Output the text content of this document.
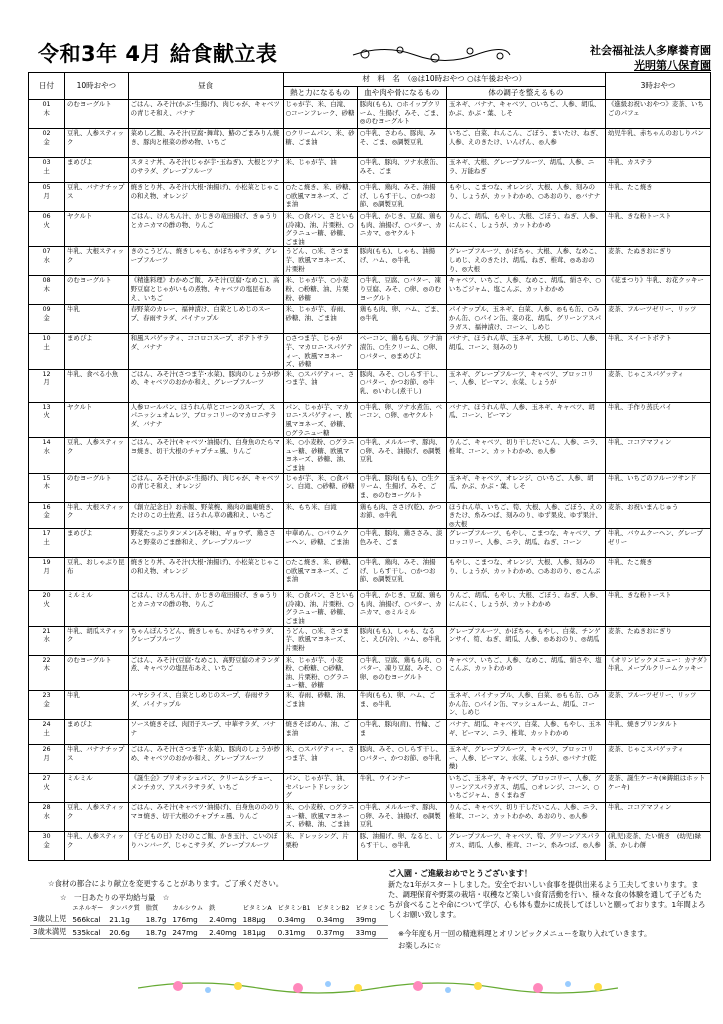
令和3年 4月 給食献立表	社会福祉法人多摩養育園
光明第八保育園
日付	10時おやつ	昼食	材　料　名　（◎は10時おやつ ○は午後おやつ）			3時おやつ
			熱と力になるもの	血や肉や骨になるもの	体の調子を整えるもの	

01
木	のむヨーグルト	ごはん、みそ汁(かぶ･生揚げ)、肉じゃが、キャベツの青じそ和え、バナナ	じゃが芋、米、白滝、○コーンフレーク、砂糖	豚肉(もも)、○ホイップクリーム、生揚げ、みそ、ごま、◎のむヨーグルト	玉ネギ、バナナ、キャベツ、○いちご、人参、胡瓜、かぶ、かぶ・葉、しそ	《進級お祝いおやつ》麦茶、いちごのパフェ

02
金	豆乳、人参スティック	菜めし乙飯、みそ汁(豆腐･舞茸)、鰆のごまみりん焼き、豚肉と根菜の炒め物、いちご	○クリームパン、米、砂糖、ごま油	○牛乳、さわら、豚肉、みそ、ごま、◎調製豆乳	いちご、白菜、れんこん、ごぼう、まいたけ、ねぎ、人参、えのきたけ、いんげん、◎人参	幼児牛乳、赤ちゃんのおしりパン

03
土	まめぴよ	スタミナ丼、みそ汁(じゃが芋･玉ねぎ)、大根とツナのサラダ、グレープフルーツ	米、じゃが芋、油	○牛乳、豚肉、ツナ水煮缶、みそ、ごま	玉ネギ、大根、グレープフルーツ、胡瓜、人参、ニラ、万能ねぎ	牛乳、カステラ

05
月	豆乳、バナナチップス	焼きとり丼、みそ汁(大根･油揚げ)、小松菜とじゃこの和え物、オレンジ	○たこ焼き、米、砂糖、○欧風マヨネーズ、ごま油	○牛乳、鶏肉、みそ、油揚げ、しらす干し、○かつお節、◎調製豆乳	もやし、こまつな、オレンジ、大根、人参、刻みのり、しょうが、カットわかめ、○あおのり、◎バナナ	牛乳、たこ焼き

06
火	ヤクルト	ごはん、けんちん汁、かじきの竜田揚げ、きゅうりとカニカマの酢の物、りんご	米、○食パン、さといも(冷凍)、油、片栗粉、○グラニュー糖、砂糖、ごま油	○牛乳、かじき、豆腐、鶏もも肉、油揚げ、○バター、カニカマ、◎ヤクルト	りんご、胡瓜、もやし、大根、ごぼう、ねぎ、人参、にんにく、しょうが、カットわかめ	牛乳、きな粉トースト

07
水	牛乳、大根スティック	きのこうどん、焼きしゃも、かぼちゃサラダ、グレープフルーツ	うどん、○米、さつま芋、欧風マヨネーズ、片栗粉	豚肉(もも)、しゃも、油揚げ、ハム、◎牛乳	グレープフルーツ、かぼちゃ、大根、人参、なめこ、しめじ、えのきたけ、胡瓜、ねぎ、椎茸、◎あおのり、◎大根	麦茶、たぬきおにぎり

08
木	のむヨーグルト	《精進料理》わかめご飯、みそ汁(豆腐･なめこ)、高野豆腐とじゃがいもの煮物、キャベツの塩昆布あえ、いちご	米、じゃが芋、○小麦粉、○粉糖、油、片栗粉、砂糖	○牛乳、豆腐、○バター、凍り豆腐、みそ、○卵、◎のむヨーグルト	キャベツ、いちご、人参、なめこ、胡瓜、絹さや、○いちごジャム、塩こんぶ、カットわかめ	《花まつり》牛乳、お花クッキー

09
金	牛乳	春野菜のカレー、福神漬け、白菜としめじのスープ、春雨サラダ、パイナップル	米、じゃが芋、春雨、砂糖、油、ごま油	鶏もも肉、卵、ハム、ごま、◎牛乳	パイナップル、玉ネギ、白菜、人参、◎もも缶、○みかん缶、○パイン缶、菜の花、胡瓜、グリーンアスパラガス、福神漬け、コーン、しめじ	麦茶、フルーツゼリー、リッツ

10
土	まめぴよ	和風スパゲッティ、ココロコスープ、ポテトサラダ、バナナ	○さつま芋、じゃが芋、マカロニ･スパゲティー、欧風マヨネーズ、砂糖	ベーコン、鶏もも肉、ツナ油漬缶、○生クリーム、○卵、○バター、◎まめぴよ	バナナ、ほうれん草、玉ネギ、大根、しめじ、人参、胡瓜、コーン、刻みのり	牛乳、スイートポテト

12
月	牛乳、食べる小魚	ごはん、みそ汁(さつま芋･水菜)、豚肉のしょうが炒め、キャベツのおかか和え、グレープフルーツ	米、○スパゲティー、さつま芋、油	豚肉、みそ、○しらす干し、○バター、かつお節、◎牛乳、◎いわし(煮干し)	玉ネギ、グレープフルーツ、キャベツ、ブロッコリー、人参、ピーマン、水菜、しょうが	麦茶、じゃこスパゲッティ

13
火	ヤクルト	人参ロールパン、ほうれん草とコーンのスープ、スパニッシュオムレツ、ブロッコリーのマカロニサラダ、バナナ	パン、じゃが芋、マカロニ･スパゲティー、欧風マヨネーズ、砂糖、○グラニュー糖	○牛乳、卵、ツナ水煮缶、ベーコン、○卵、◎ヤクルト	バナナ、ほうれん草、人参、玉ネギ、キャベツ、胡瓜、コーン、ピーマン	牛乳、手作り蒸氏パイ

14
水	豆乳、人参スティック	ごはん、みそ汁(キャベツ･油揚げ)、白身魚のたらマヨ焼き、切干大根のチャプチェ風、りんご	米、○小麦粉、○グラニュー糖、砂糖、欧風マヨネーズ、砂糖、油、ごま油	○牛乳、メルルーサ、豚肉、○卵、みそ、油揚げ、◎調製豆乳	りんご、キャベツ、切り干しだいこん、人参、ニラ、椎茸、コーン、カットわかめ、◎人参	牛乳、ココアマフィン

15
木	のむヨーグルト	ごはん、みそ汁(かぶ･生揚げ)、肉じゃが、キャベツの青じそ和え、オレンジ	じゃが芋、米、○食パン、白滝、○砂糖、砂糖	○牛乳、豚肉(もも)、○生クリーム、生揚げ、みそ、ごま、◎のむヨーグルト	玉ネギ、キャベツ、オレンジ、○いちご、人参、胡瓜、かぶ、かぶ・葉、しそ	牛乳、いちごのフルーツサンド

16
金	牛乳、大根スティック	《創立記念日》お赤飯、野菜椀、鶏肉の幽庵焼き、たけのこの土佐煮、ほうれん草の磯和え、いちご	米、もち米、白滝	鶏もも肉、ささげ(乾)、かつお節、◎牛乳	ほうれん草、いちご、筍、大根、人参、ごぼう、えのきたけ、糸みつば、刻みのり、ゆず果皮、ゆず果汁、◎大根	麦茶、お祝いまんじゅう

17
土	まめぴよ	野菜たっぷりタンメン(みそ味)、ギョウザ、鶏ささみと野菜のごま酢和え、グレープフルーツ	中華めん、○バウムクーヘン、砂糖、ごま油	○牛乳、豚肉、鶏ささみ、淡色みそ、ごま	グレープフルーツ、もやし、こまつな、キャベツ、ブロッコリー、人参、ニラ、胡瓜、ねぎ、コーン	牛乳、バウムクーヘン、グレープゼリー

19
月	豆乳、おしゃぶり昆布	焼きとり丼、みそ汁(大根･油揚げ)、小松菜とじゃこの和え物、オレンジ	○たこ焼き、米、砂糖、○欧風マヨネーズ、ごま油	○牛乳、鶏肉、みそ、油揚げ、しらす干し、○かつお節、◎調製豆乳	もやし、こまつな、オレンジ、大根、人参、刻みのり、しょうが、カットわかめ、○あおのり、◎こんぶ	牛乳、たこ焼き

20
火	ミルミル	ごはん、けんちん汁、かじきの竜田揚げ、きゅうりとカニカマの酢の物、りんご	米、○食パン、さといも(冷凍)、油、片栗粉、○グラニュー糖、砂糖、ごま油	○牛乳、かじき、豆腐、鶏もも肉、油揚げ、○バター、カニカマ、◎ミルミル	りんご、胡瓜、もやし、大根、ごぼう、ねぎ、人参、にんにく、しょうが、カットわかめ	牛乳、きな粉トースト

21
水	牛乳、胡瓜スティック	ちゃんぽんうどん、焼きしゃも、かぼちゃサラダ、グレープフルーツ	うどん、○米、さつま芋、欧風マヨネーズ、片栗粉	豚肉(もも)、しゃも、なると、えび(冷)、ハム、◎牛乳	グレープフルーツ、かぼちゃ、もやし、白菜、チンゲンサイ、筍、ねぎ、胡瓜、人参、◎あおのり、◎胡瓜	麦茶、たぬきおにぎり

22
木	のむヨーグルト	ごはん、みそ汁(豆腐･なめこ)、高野豆腐のオランダ煮、キャベツの塩昆布あえ、いちご	米、じゃが芋、小麦粉、○粉糖、○砂糖、油、片栗粉、○グラニュー糖、砂糖	○牛乳、豆腐、鶏もも肉、○バター、凍り豆腐、みそ、○卵、◎のむヨーグルト	キャベツ、いちご、人参、なめこ、胡瓜、絹さや、塩こんぶ、カットわかめ	《オリンピックメニュー：カナダ》牛乳、メープルクリームクッキー

23
金	牛乳	ハヤシライス、白菜としめじのスープ、春雨サラダ、パイナップル	米、春雨、砂糖、油、ごま油	牛肉(もも)、卵、ハム、ごま、◎牛乳	玉ネギ、パイナップル、人参、白菜、◎もも缶、○みかん缶、○パイン缶、マッシュルーム、胡瓜、コーン、しめじ	麦茶、フルーツゼリー、リッツ

24
土	まめぴよ	ソース焼きそば、肉団子スープ、中華サラダ、バナナ	焼きそばめん、油、ごま油	○牛乳、豚肉(肩)、竹輪、ごま	バナナ、胡瓜、キャベツ、白菜、人参、もやし、玉ネギ、ピーマン、ニラ、椎茸、カットわかめ	牛乳、焼きプリンタルト

26
月	牛乳、バナナチップス	ごはん、みそ汁(さつま芋･水菜)、豚肉のしょうが炒め、キャベツのおかか和え、グレープフルーツ	米、○スパゲティー、さつま芋、油	豚肉、みそ、○しらす干し、○バター、かつお節、◎牛乳	玉ネギ、グレープフルーツ、キャベツ、ブロッコリー、人参、ピーマン、水菜、しょうが、◎バナナ(乾燥)	麦茶、じゃこスパゲッティ

27
火	ミルミル	《誕生会》ブリオッシュパン、クリームシチュー、メンチカツ、アスパラサラダ、いちご	パン、じゃが芋、油、セパレートドレッシング	牛乳、ウインナー	いちご、玉ネギ、キャベツ、ブロッコリー、人参、グリーンアスパラガス、胡瓜、○オレンジ、コーン、○いちごジャム、きくまねぎ	麦茶、誕生ケーキ(※鋳組はホットケーキ)

28
水	豆乳、人参スティック	ごはん、みそ汁(キャベツ･油揚げ)、白身魚のののりマヨ焼き、切干大根のチャプチェ風、りんご	米、○小麦粉、○グラニュー糖、欧風マヨネーズ、砂糖、油、ごま油	○牛乳、メルルーサ、豚肉、○卵、みそ、油揚げ、◎調製豆乳	りんご、キャベツ、切り干しだいこん、人参、ニラ、椎茸、コーン、カットわかめ、あおのり、◎人参	牛乳、ココアマフィン

30
金	牛乳、人参スティック	《子どもの日》たけのこご飯、かき玉汁、こいのぼりハンバーグ、じゃこサラダ、グレープフルーツ	米、ドレッシング、片栗粉	豚、油揚げ、卵、なると、しらす干し、◎牛乳	グレープフルーツ、キャベツ、筍、グリーンアスパラガス、胡瓜、人参、椎茸、コーン、糸みつば、◎人参	(乳児)麦茶、たい焼き　(幼児)緑茶、かしわ餅
☆食材の都合により献立を変更することがあります。ご了承ください。
☆　一日あたりの平均給与量　☆
	エネルギー	タンパク質	脂質	カルシウム	鉄	ビタミンA	ビタミンB1	ビタミンB2	ビタミンC
3歳以上児	566kcal	21.1g	18.7g	176mg	2.40mg	188μg	0.34mg	0.34mg	39mg
3歳未満児	535kcal	20.6g	18.7g	247mg	2.40mg	181μg	0.31mg	0.37mg	33mg
ご入園・ご進級おめでとうございます！
新たな1年がスタートしました。安全でおいしい食事を提供出来るよう工夫してまいります。また、調理保育や野菜の栽培・収穫など楽しい食育活動を行い、様々な食の体験を通して子どもたちが食べることや命について学び、心も体も豊かに成長してほしいと願っております。1年間よろしくお願い致します。
※今年度も月一回の精進料理とオリンピックメニューを取り入れていきます。
お楽しみに☆
